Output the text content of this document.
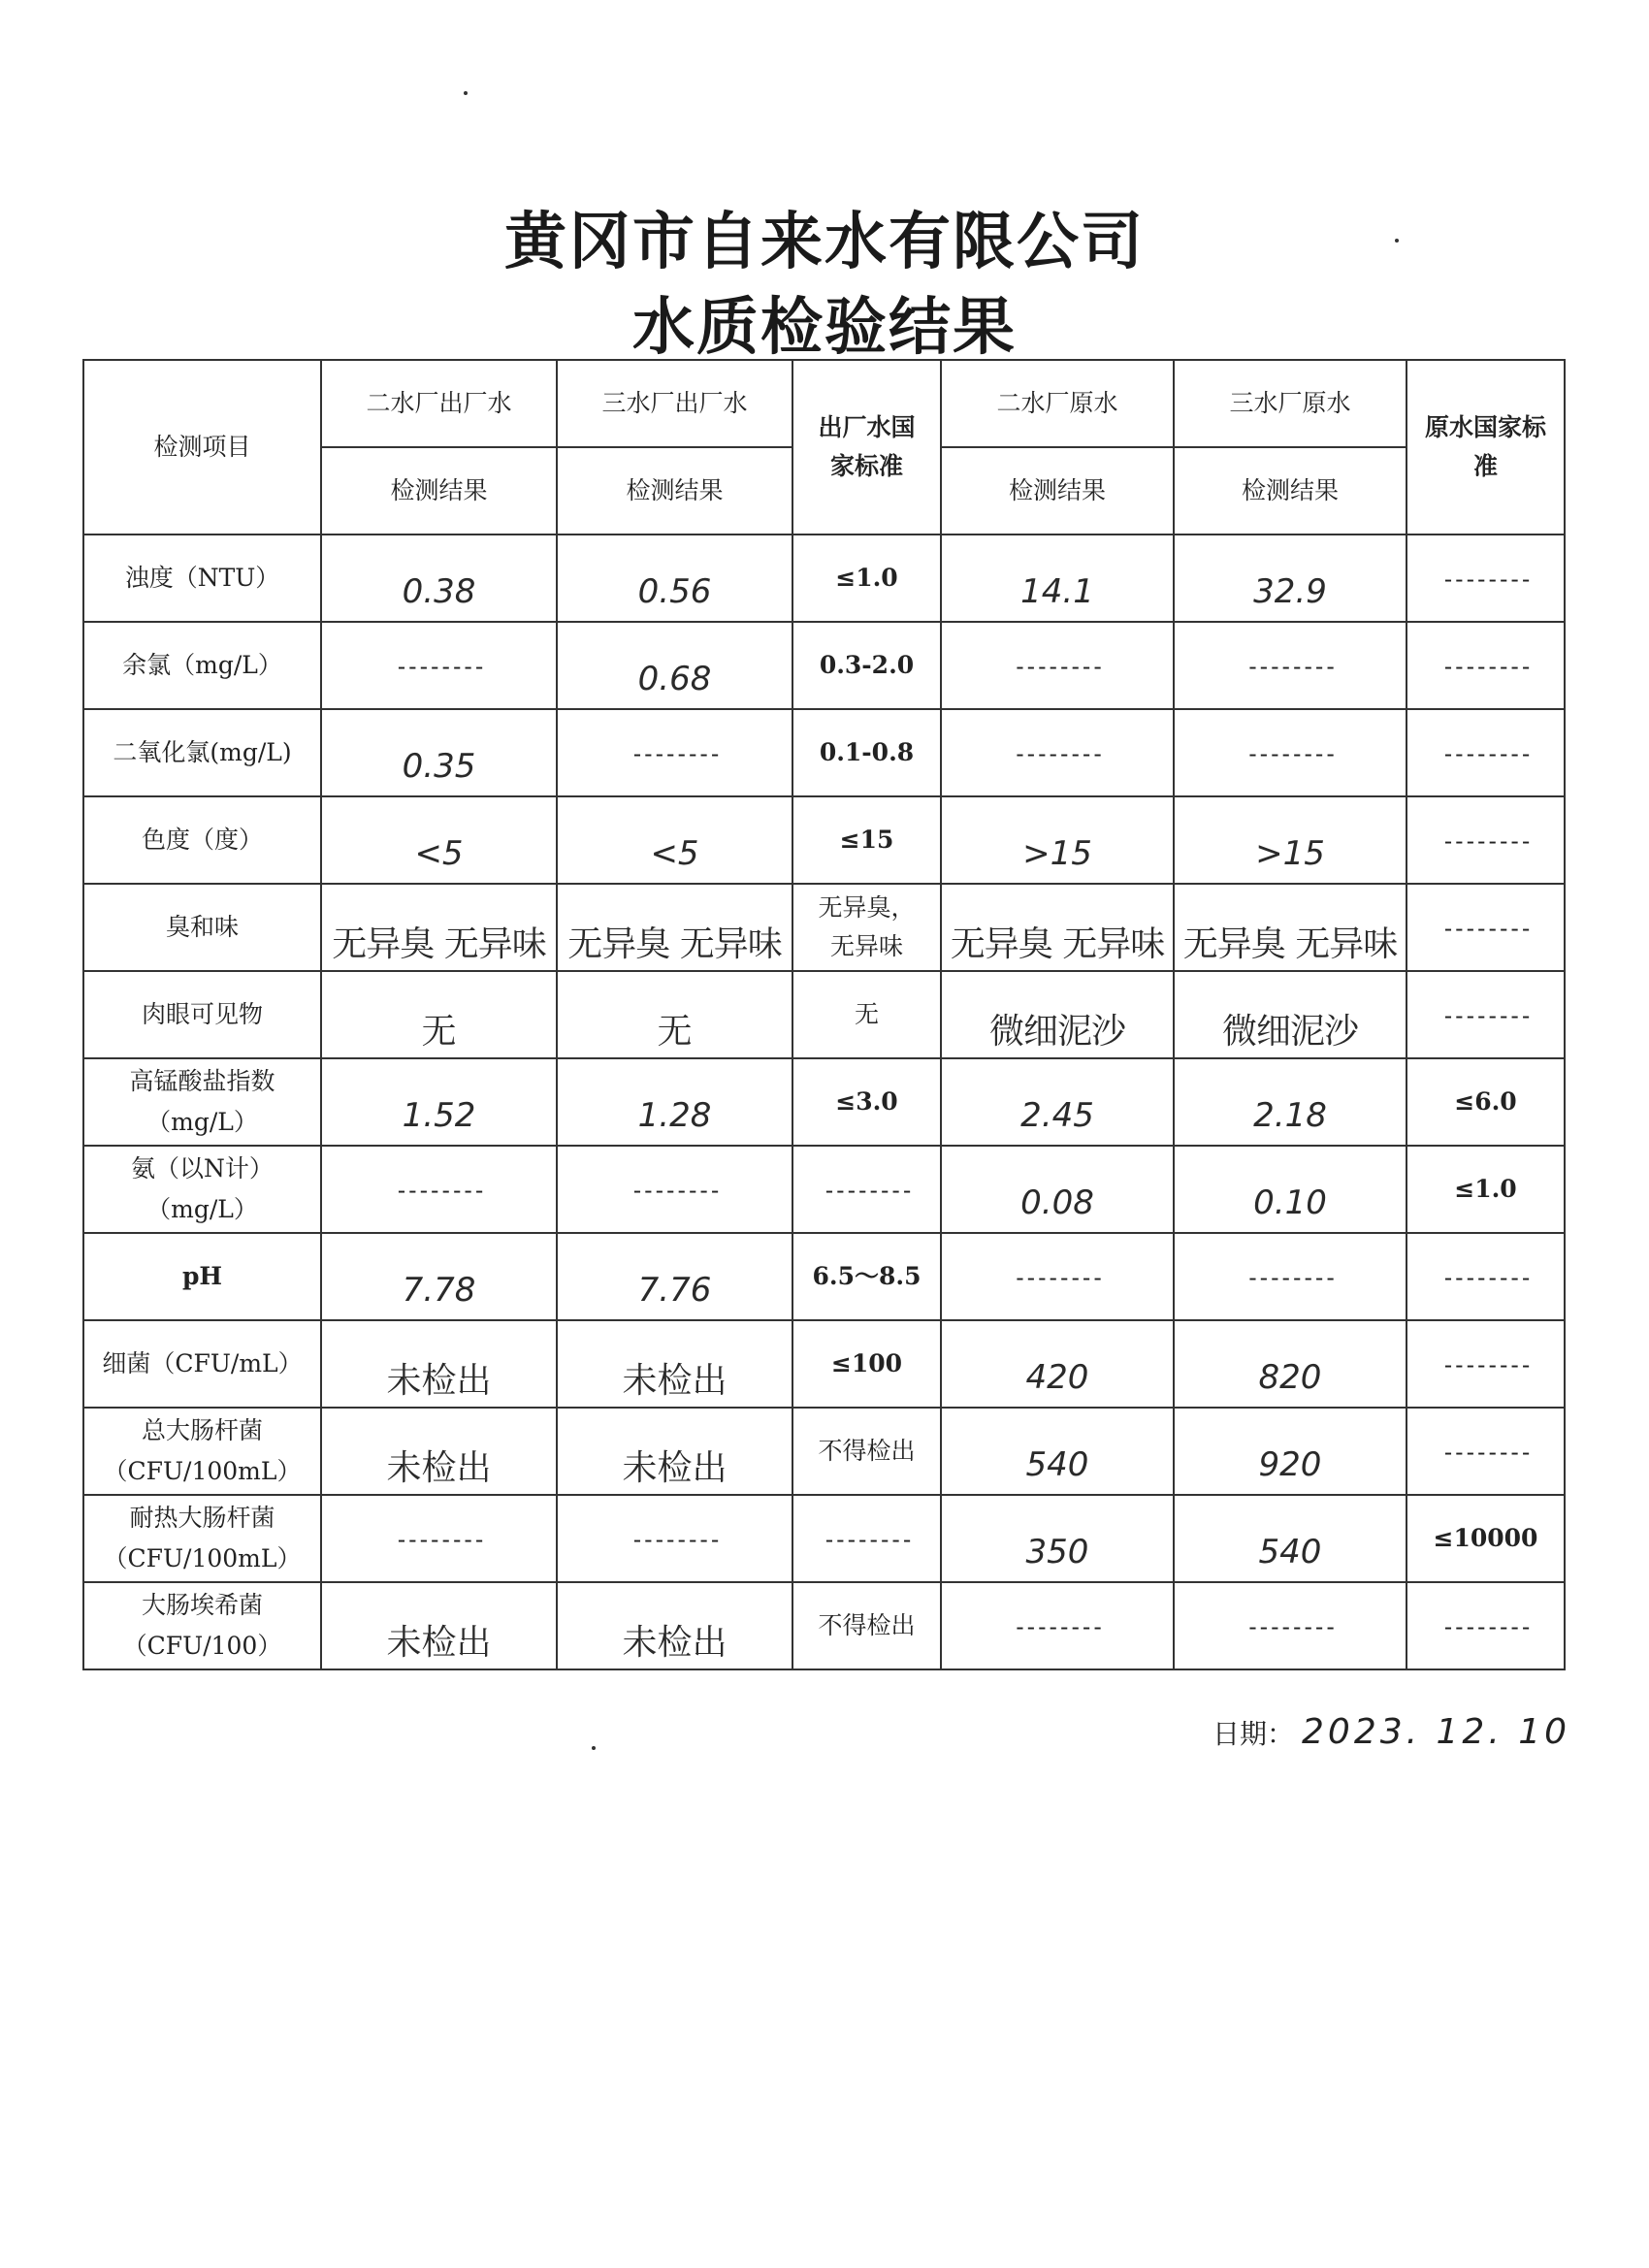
黄冈市自来水有限公司
水质检验结果
检测项目	二水厂出厂水	三水厂出厂水	出厂水国家标准	二水厂原水	三水厂原水	原水国家标准
	检测结果	检测结果		检测结果	检测结果	
浊度（NTU）	0.38	0.56	≤1.0	14.1	32.9	--------
余氯（mg/L）	--------	0.68	0.3-2.0	--------	--------	--------
二氧化氯(mg/L)	0.35	--------	0.1-0.8	--------	--------	--------
色度（度）	<5	<5	≤15	>15	>15	--------
臭和味	无异臭 无异味	无异臭 无异味	无异臭，无异味	无异臭 无异味	无异臭 无异味	--------
肉眼可见物	无	无	无	微细泥沙	微细泥沙	--------
高锰酸盐指数（mg/L）	1.52	1.28	≤3.0	2.45	2.18	≤6.0
氨（以N计）（mg/L）	--------	--------	--------	0.08	0.10	≤1.0
pH	7.78	7.76	6.5～8.5	--------	--------	--------
细菌（CFU/mL）	未检出	未检出	≤100	420	820	--------
总大肠杆菌（CFU/100mL）	未检出	未检出	不得检出	540	920	--------
耐热大肠杆菌（CFU/100mL）	--------	--------	--------	350	540	≤10000
大肠埃希菌（CFU/100）	未检出	未检出	不得检出	--------	--------	--------
日期： 2023. 12. 10
